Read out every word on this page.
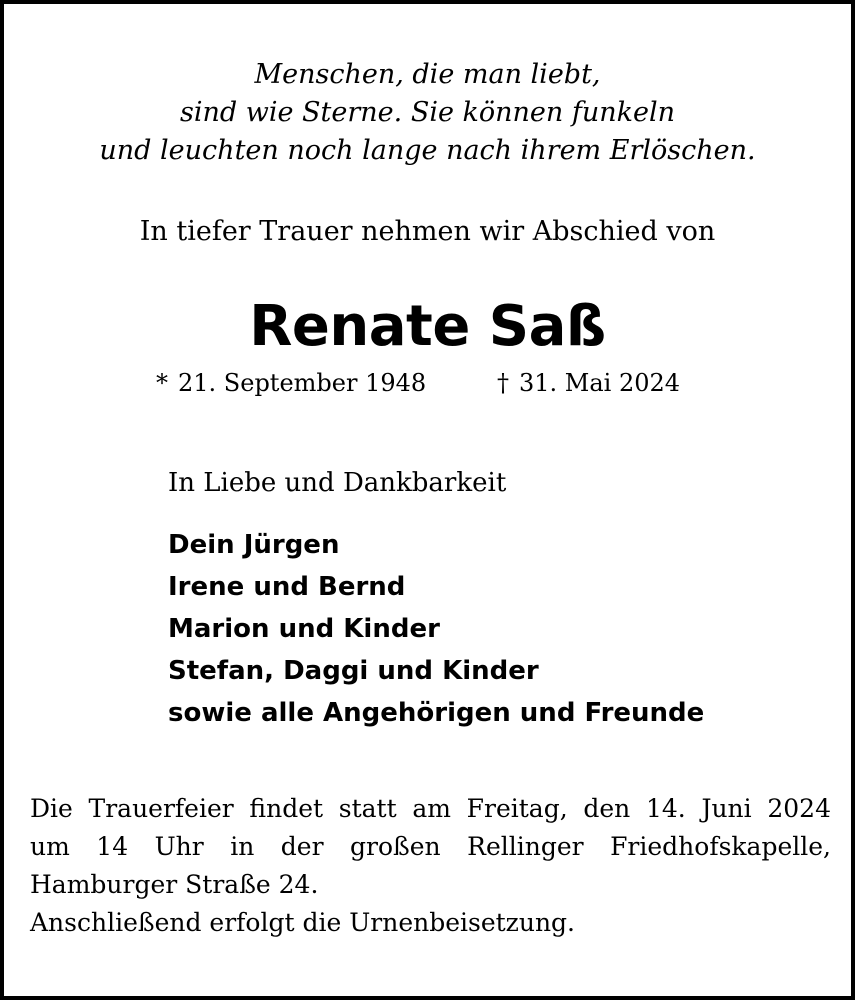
Menschen, die man liebt,
sind wie Sterne. Sie können funkeln
und leuchten noch lange nach ihrem Erlöschen.
In tiefer Trauer nehmen wir Abschied von
Renate Saß
* 21. September 1948	† 31. Mai 2024
In Liebe und Dankbarkeit
Dein Jürgen
Irene und Bernd
Marion und Kinder
Stefan, Daggi und Kinder
sowie alle Angehörigen und Freunde
Die Trauerfeier findet statt am Freitag, den 14. Juni 2024
um 14 Uhr in der großen Rellinger Friedhofskapelle,
Hamburger Straße 24.
Anschließend erfolgt die Urnenbeisetzung.
